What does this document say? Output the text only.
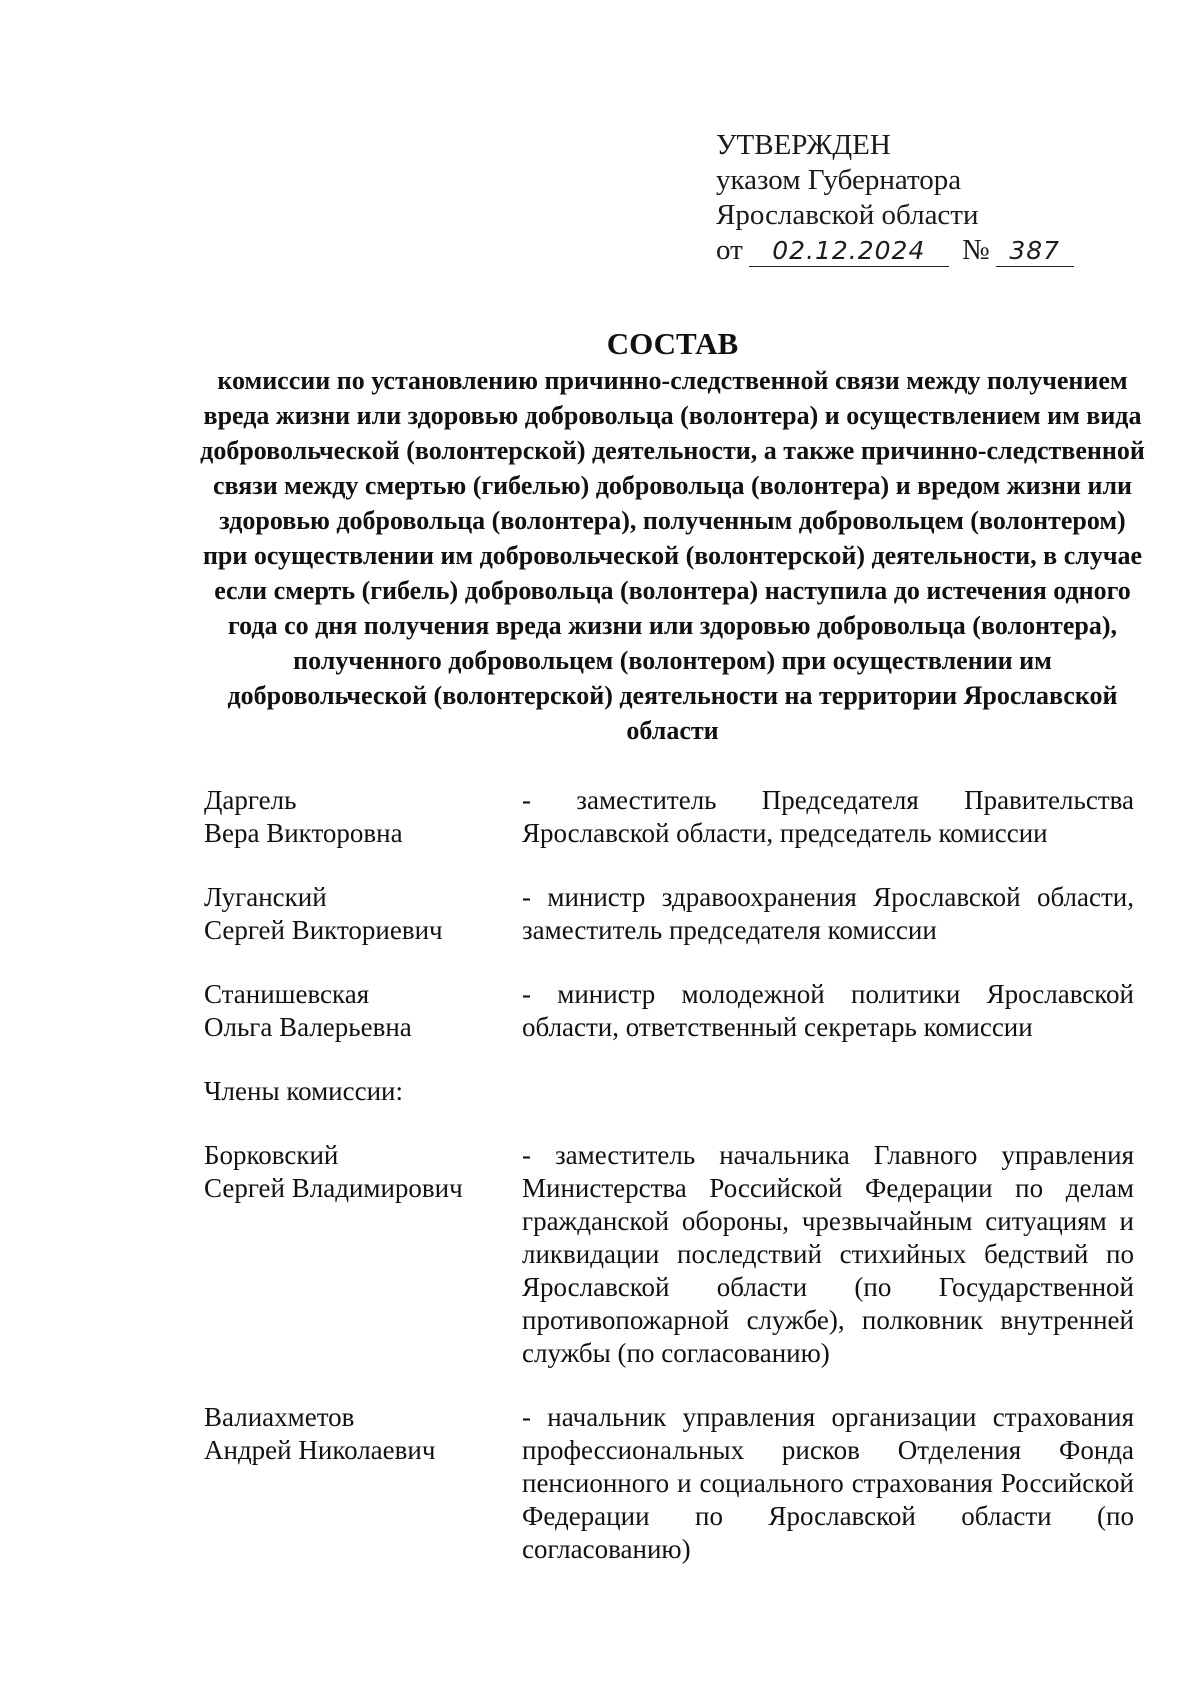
УТВЕРЖДЕН
указом Губернатора
Ярославской области
от 02.12.2024 № 387
СОСТАВ
комиссии по установлению причинно-следственной связи между получением вреда жизни или здоровью добровольца (волонтера) и осуществлением им вида добровольческой (волонтерской) деятельности, а также причинно-следственной связи между смертью (гибелью) добровольца (волонтера) и вредом жизни или здоровью добровольца (волонтера), полученным добровольцем (волонтером) при осуществлении им добровольческой (волонтерской) деятельности, в случае если смерть (гибель) добровольца (волонтера) наступила до истечения одного года со дня получения вреда жизни или здоровью добровольца (волонтера), полученного добровольцем (волонтером) при осуществлении им добровольческой (волонтерской) деятельности на территории Ярославской области
Даргель
Вера Викторовна
- заместитель Председателя Правительства Ярославской области, председатель комиссии
Луганский
Сергей Викториевич
- министр здравоохранения Ярославской области, заместитель председателя комиссии
Станишевская
Ольга Валерьевна
- министр молодежной политики Ярославской области, ответственный секретарь комиссии
Члены комиссии:
Борковский
Сергей Владимирович
- заместитель начальника Главного управления Министерства Российской Федерации по делам гражданской обороны, чрезвычайным ситуациям и ликвидации последствий стихийных бедствий по Ярославской области (по Государственной противопожарной службе), полковник внутренней службы (по согласованию)
Валиахметов
Андрей Николаевич
- начальник управления организации страхования профессиональных рисков Отделения Фонда пенсионного и социального страхования Российской Федерации по Ярославской области (по согласованию)
